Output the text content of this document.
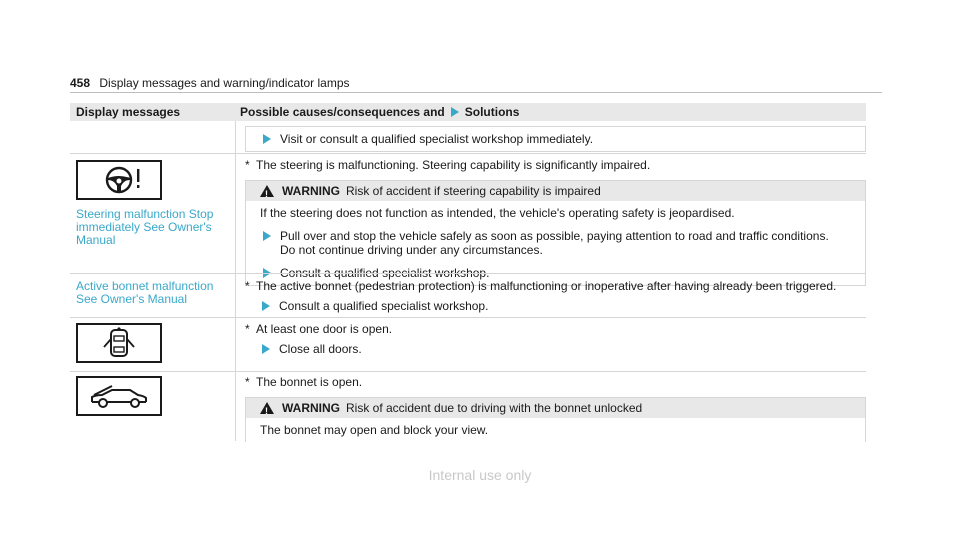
458 Display messages and warning/indicator lamps
Display messages	Possible causes/consequences and Solutions
Visit or consult a qualified specialist workshop immediately.
Steering malfunction Stop immediately See Owner's Manual
* The steering is malfunctioning. Steering capability is significantly impaired.
!
WARNING Risk of accident if steering capability is impaired
If the steering does not function as intended, the vehicle's operating safety is jeopardised.
Pull over and stop the vehicle safely as soon as possible, paying attention to road and traffic conditions. Do not continue driving under any circumstances.
Consult a qualified specialist workshop.
Active bonnet malfunction See Owner's Manual
* The active bonnet (pedestrian protection) is malfunctioning or inoperative after having already been triggered.
Consult a qualified specialist workshop.
* At least one door is open.
Close all doors.
* The bonnet is open.
!
WARNING Risk of accident due to driving with the bonnet unlocked
The bonnet may open and block your view.
Internal use only
